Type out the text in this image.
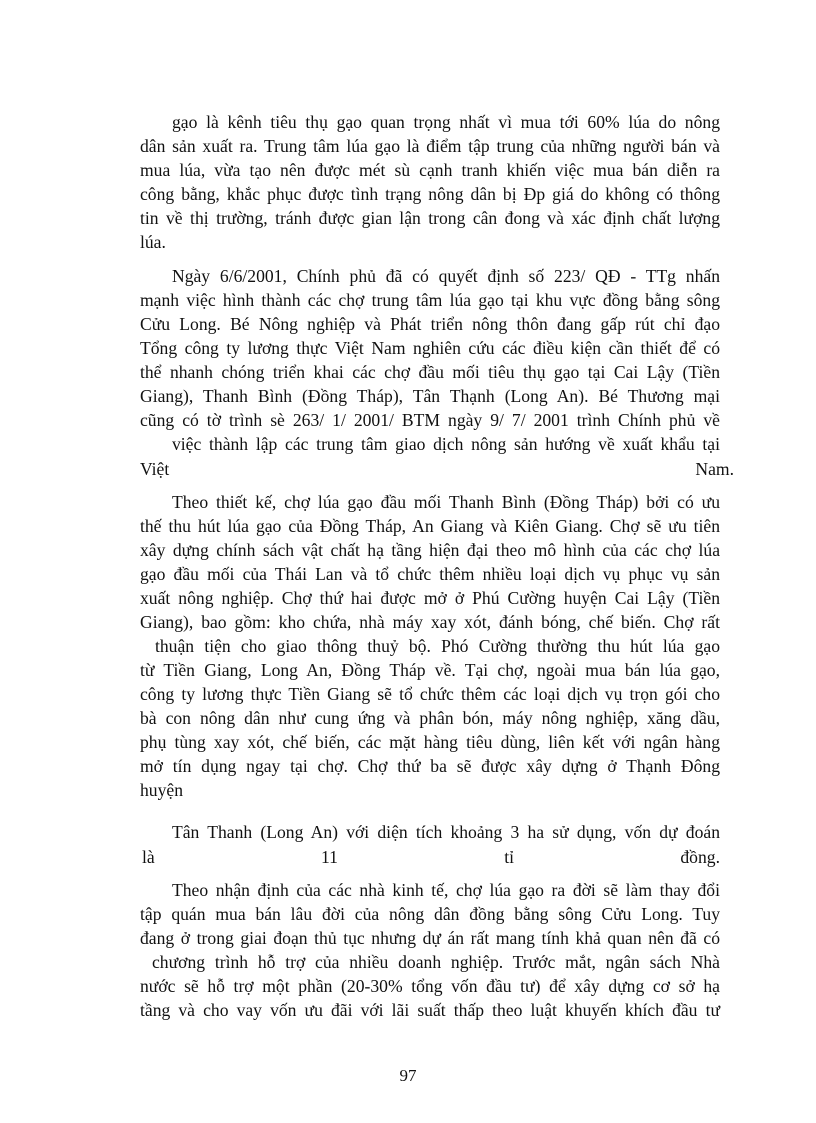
gạo là kênh tiêu thụ gạo quan trọng nhất vì mua tới 60% lúa do nông
dân sản xuất ra. Trung tâm lúa gạo là điểm tập trung của những người bán và
mua lúa, vừa tạo nên được mét sù cạnh tranh khiến việc mua bán diễn ra
công bằng, khắc phục được tình trạng nông dân bị Đp giá do không có thông
tin về thị trường, tránh được gian lận trong cân đong và xác định chất lượng
lúa.
Ngày 6/6/2001, Chính phủ đã có quyết định số 223/ QĐ - TTg nhấn
mạnh việc hình thành các chợ trung tâm lúa gạo tại khu vực đồng bằng sông
Cửu Long. Bé Nông nghiệp và Phát triển nông thôn đang gấp rút chỉ đạo
Tổng công ty lương thực Việt Nam nghiên cứu các điều kiện cần thiết để có
thể nhanh chóng triển khai các chợ đầu mối tiêu thụ gạo tại Cai Lậy (Tiền
Giang), Thanh Bình (Đồng Tháp), Tân Thạnh (Long An). Bé Thương mại
cũng có tờ trình sè 263/ 1/ 2001/ BTM ngày 9/ 7/ 2001 trình Chính phủ về
việc thành lập các trung tâm giao dịch nông sản hướng về xuất khẩu tại
Việt	Nam.
Theo thiết kế, chợ lúa gạo đầu mối Thanh Bình (Đồng Tháp) bởi có ưu
thế thu hút lúa gạo của Đồng Tháp, An Giang và Kiên Giang. Chợ sẽ ưu tiên
xây dựng chính sách vật chất hạ tầng hiện đại theo mô hình của các chợ lúa
gạo đầu mối của Thái Lan và tổ chức thêm nhiều loại dịch vụ phục vụ sản
xuất nông nghiệp. Chợ thứ hai được mở ở Phú Cường huyện Cai Lậy (Tiền
Giang), bao gồm: kho chứa, nhà máy xay xót, đánh bóng, chế biến. Chợ rất
thuận tiện cho giao thông thuỷ bộ. Phó Cường thường thu hút lúa gạo
từ Tiền Giang, Long An, Đồng Tháp về. Tại chợ, ngoài mua bán lúa gạo,
công ty lương thực Tiền Giang sẽ tổ chức thêm các loại dịch vụ trọn gói cho
bà con nông dân như cung ứng và phân bón, máy nông nghiệp, xăng dầu,
phụ tùng xay xót, chế biến, các mặt hàng tiêu dùng, liên kết với ngân hàng
mở tín dụng ngay tại chợ. Chợ thứ ba sẽ được xây dựng ở Thạnh Đông
huyện
Tân Thanh (Long An) với diện tích khoảng 3 ha sử dụng, vốn dự đoán
là	11	tỉ	đồng.
Theo nhận định của các nhà kinh tế, chợ lúa gạo ra đời sẽ làm thay đổi
tập quán mua bán lâu đời của nông dân đồng bằng sông Cửu Long. Tuy
đang ở trong giai đoạn thủ tục nhưng dự án rất mang tính khả quan nên đã có
chương trình hỗ trợ của nhiều doanh nghiệp. Trước mắt, ngân sách Nhà
nước sẽ hỗ trợ một phần (20-30% tổng vốn đầu tư) để xây dựng cơ sở hạ
tầng và cho vay vốn ưu đãi với lãi suất thấp theo luật khuyến khích đầu tư
97
